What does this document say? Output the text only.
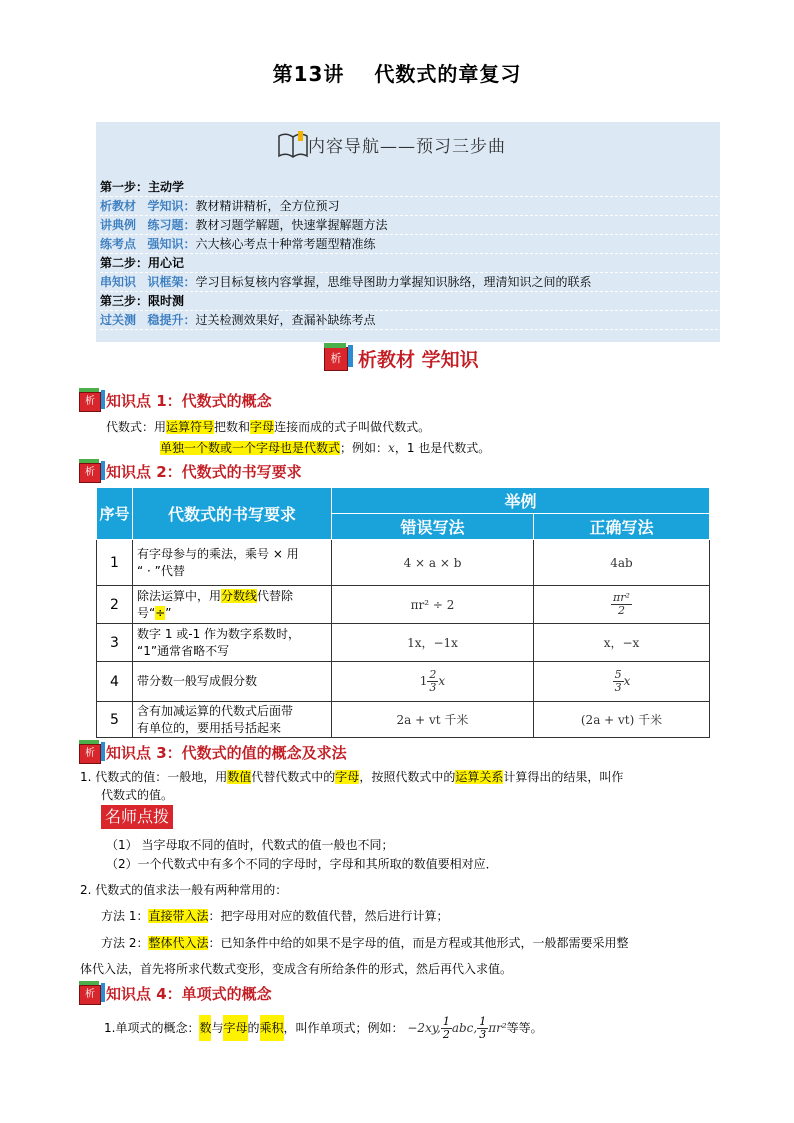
第13讲 代数式的章复习
内容导航——预习三步曲
第一步：主动学
析教材 学知识：教材精讲精析，全方位预习
讲典例 练习题：教材习题学解题，快速掌握解题方法
练考点 强知识：六大核心考点十种常考题型精准练
第二步：用心记
串知识 识框架：学习目标复核内容掌握，思维导图助力掌握知识脉络，理清知识之间的联系
第三步：限时测
过关测 稳提升：过关检测效果好，查漏补缺练考点
析 析教材 学知识
析 知识点 1：代数式的概念
代数式：用运算符号把数和字母连接而成的式子叫做代数式。
单独一个数或一个字母也是代数式；例如：x，1 也是代数式。
析 知识点 2：代数式的书写要求
序号	代数式的书写要求	举例	
		错误写法	正确写法
1	有字母参与的乘法，乘号 × 用
“ · ”代替	4 × a × b	4ab
2	除法运算中，用分数线代替除
号“÷”	πr² ÷ 2	$\frac{\text{πr²}}{2}$

3	数字 1 或-1 作为数字系数时，
“1”通常省略不写	1x，−1x	x，−x
4	带分数一般写成假分数	$1 \frac{2}{3}$ x	$\frac{5}{3}$ x
5	含有加减运算的代数式后面带
有单位的，要用括号括起来	2a + vt 千米	(2a + vt) 千米
析 知识点 3：代数式的值的概念及求法
1. 代数式的值：一般地，用数值代替代数式中的字母，按照代数式中的运算关系计算得出的结果，叫作
代数式的值。
名师点拨
（1） 当字母取不同的值时，代数式的值一般也不同；
（2）一个代数式中有多个不同的字母时，字母和其所取的数值要相对应．
2. 代数式的值求法一般有两种常用的：
方法 1：直接带入法：把字母用对应的数值代替，然后进行计算；
方法 2：整体代入法：已知条件中给的如果不是字母的值，而是方程或其他形式，一般都需要采用整
体代入法，首先将所求代数式变形，变成含有所给条件的形式，然后再代入求值。
析 知识点 4：单项式的概念
1.单项式的概念：数与字母的乘积，叫作单项式；例如： −2xy, $\frac{1}{2}$ abc, $\frac{1}{3} \pi r^2$等等。
